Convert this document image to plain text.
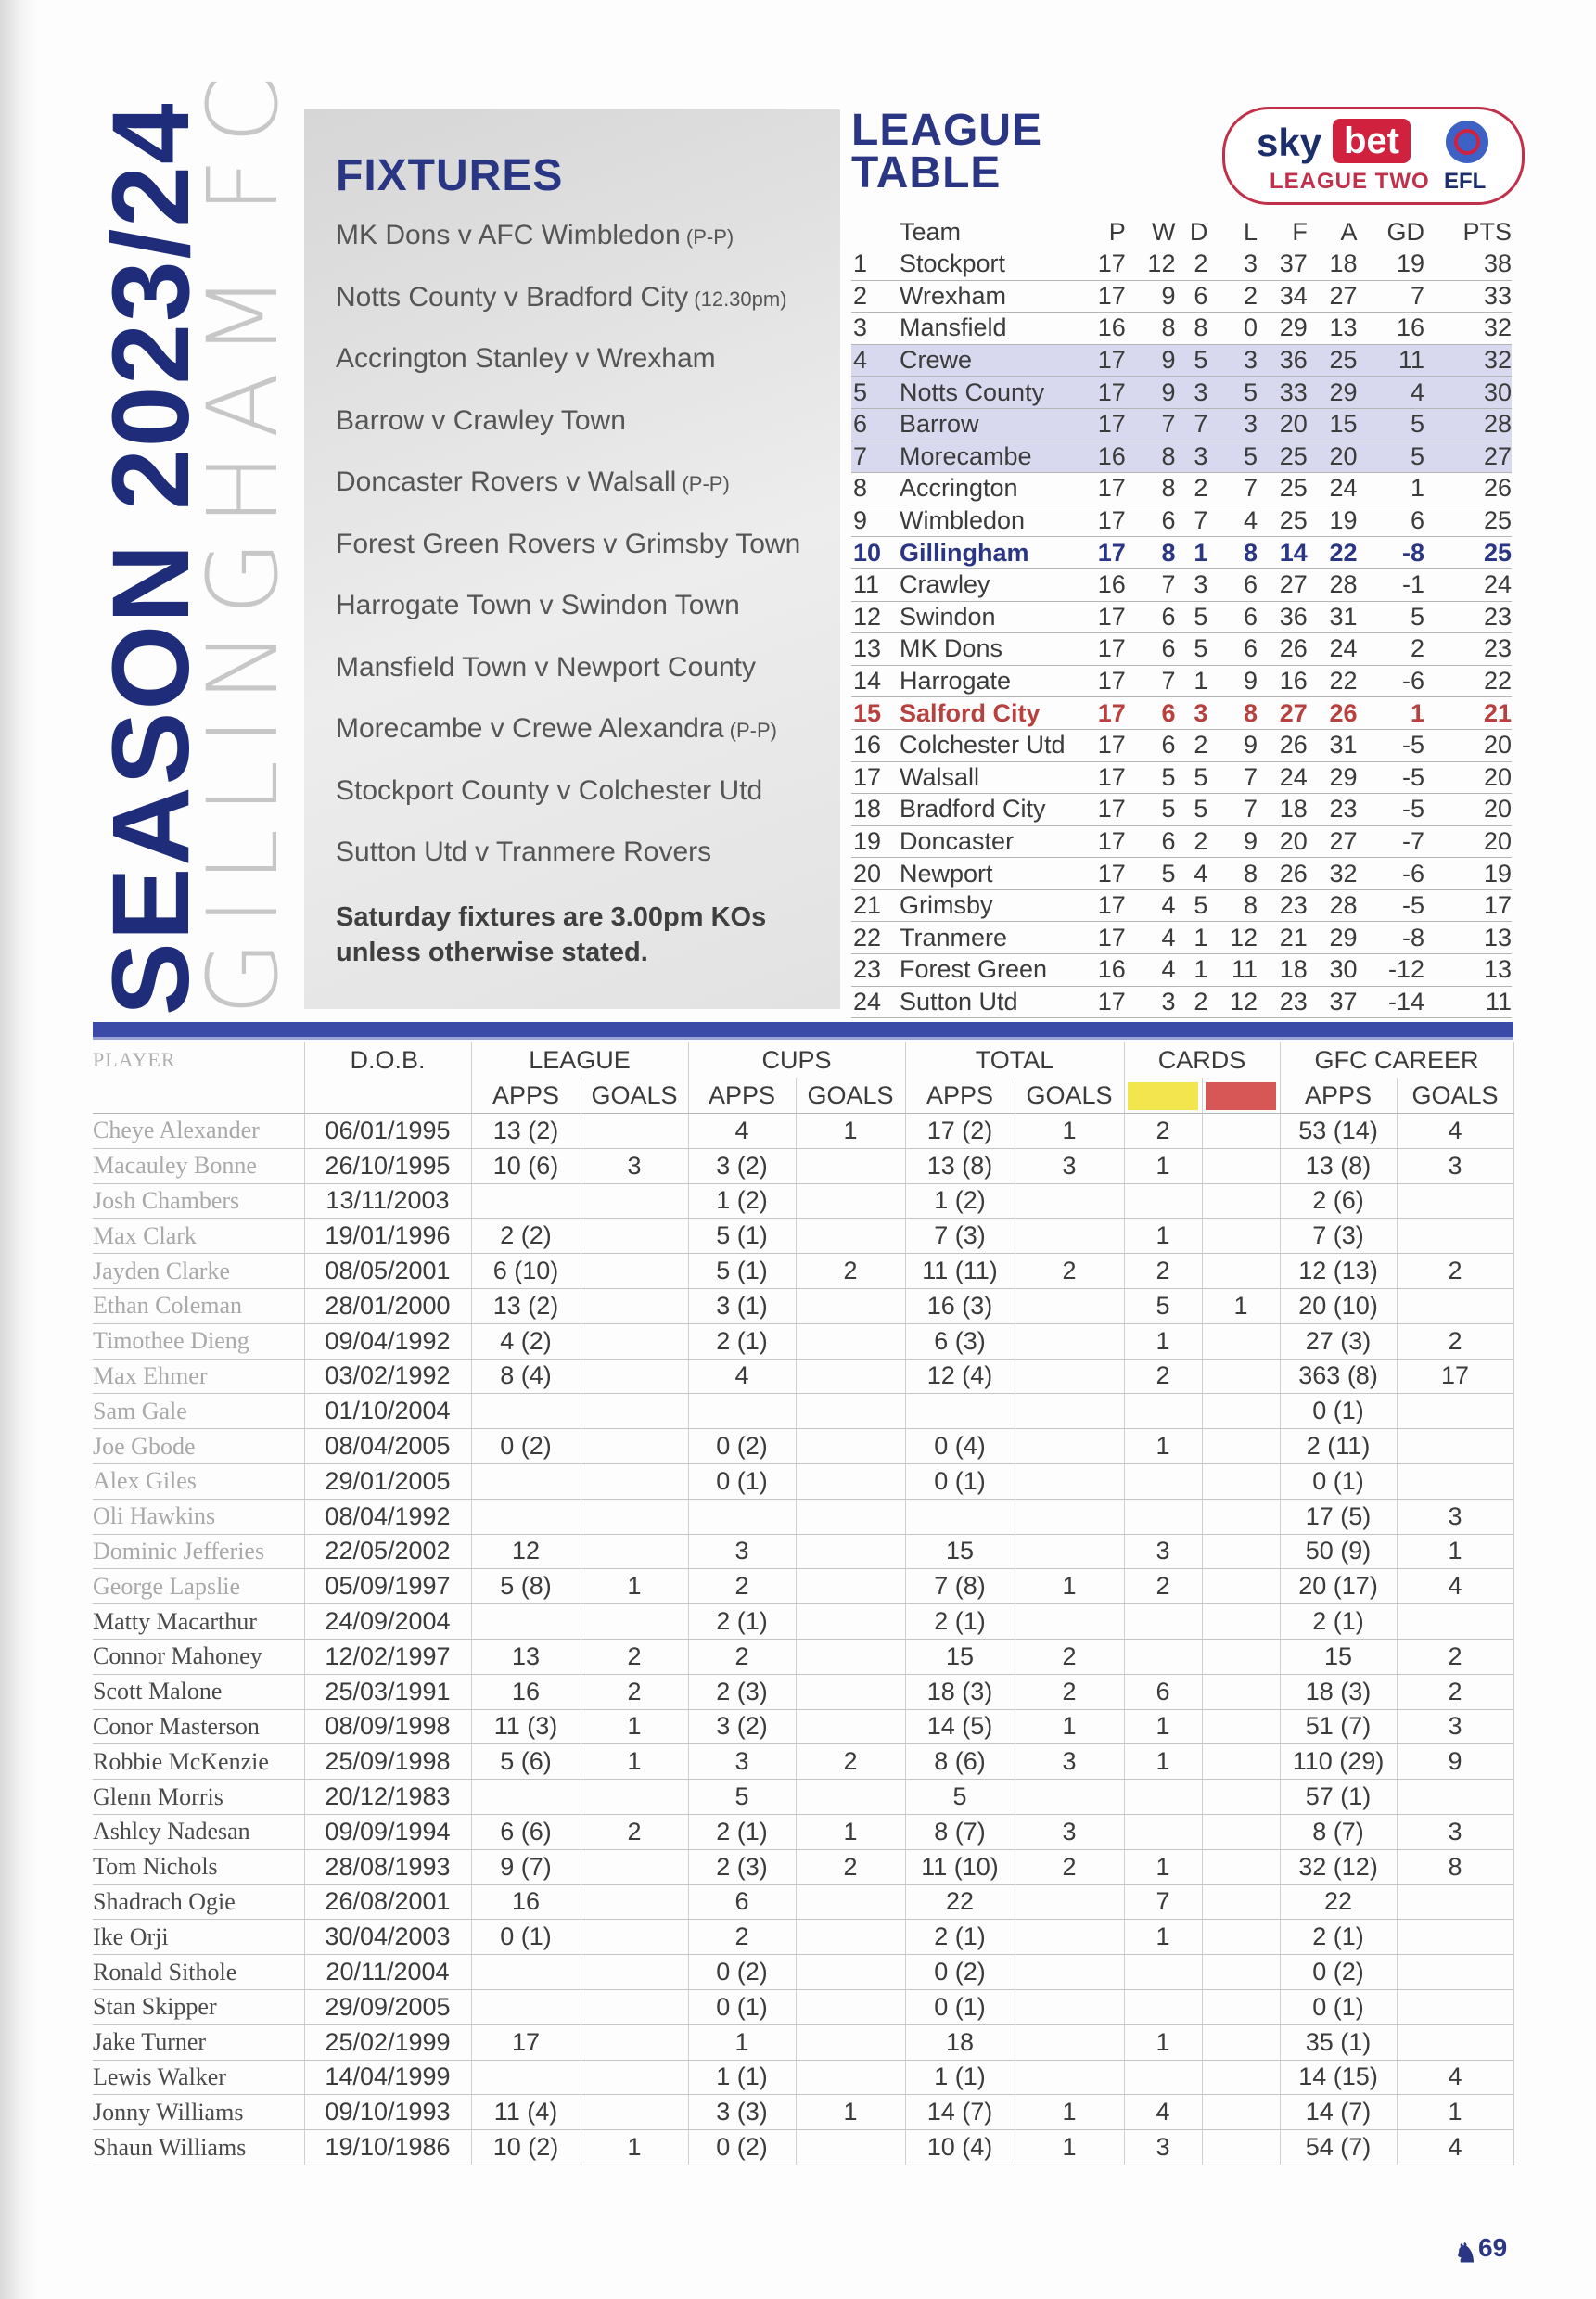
SEASON 2023/24
GILLINGHAM FC FIXTURES
MK Dons v AFC Wimbledon (P-P)
Notts County v Bradford City (12.30pm)
Accrington Stanley v Wrexham
Barrow v Crawley Town
Doncaster Rovers v Walsall (P-P)
Forest Green Rovers v Grimsby Town
Harrogate Town v Swindon Town
Mansfield Town v Newport County
Morecambe v Crewe Alexandra (P-P)
Stockport County v Colchester Utd
Sutton Utd v Tranmere Rovers
Saturday fixtures are 3.00pm KOs unless otherwise stated.
LEAGUE
TABLE
sky bet
LEAGUE TWO EFL
	Team	P	W	D	L	F	A	GD	PTS
1	Stockport	17	12	2	3	37	18	19	38
2	Wrexham	17	9	6	2	34	27	7	33
3	Mansfield	16	8	8	0	29	13	16	32
4	Crewe	17	9	5	3	36	25	11	32
5	Notts County	17	9	3	5	33	29	4	30
6	Barrow	17	7	7	3	20	15	5	28
7	Morecambe	16	8	3	5	25	20	5	27
8	Accrington	17	8	2	7	25	24	1	26
9	Wimbledon	17	6	7	4	25	19	6	25
10	Gillingham	17	8	1	8	14	22	-8	25
11	Crawley	16	7	3	6	27	28	-1	24
12	Swindon	17	6	5	6	36	31	5	23
13	MK Dons	17	6	5	6	26	24	2	23
14	Harrogate	17	7	1	9	16	22	-6	22
15	Salford City	17	6	3	8	27	26	1	21
16	Colchester Utd	17	6	2	9	26	31	-5	20
17	Walsall	17	5	5	7	24	29	-5	20
18	Bradford City	17	5	5	7	18	23	-5	20
19	Doncaster	17	6	2	9	20	27	-7	20
20	Newport	17	5	4	8	26	32	-6	19
21	Grimsby	17	4	5	8	23	28	-5	17
22	Tranmere	17	4	1	12	21	29	-8	13
23	Forest Green	16	4	1	11	18	30	-12	13
24	Sutton Utd	17	3	2	12	23	37	-14	11
PLAYER	D.O.B.	LEAGUE		CUPS		TOTAL		CARDS		GFC CAREER	
		APPS	GOALS	APPS	GOALS	APPS	GOALS			APPS	GOALS
Cheye Alexander	06/01/1995	13 (2)		4	1	17 (2)	1	2		53 (14)	4
Macauley Bonne	26/10/1995	10 (6)	3	3 (2)		13 (8)	3	1		13 (8)	3
Josh Chambers	13/11/2003			1 (2)		1 (2)				2 (6)	
Max Clark	19/01/1996	2 (2)		5 (1)		7 (3)		1		7 (3)	
Jayden Clarke	08/05/2001	6 (10)		5 (1)	2	11 (11)	2	2		12 (13)	2
Ethan Coleman	28/01/2000	13 (2)		3 (1)		16 (3)		5	1	20 (10)	
Timothee Dieng	09/04/1992	4 (2)		2 (1)		6 (3)		1		27 (3)	2
Max Ehmer	03/02/1992	8 (4)		4		12 (4)		2		363 (8)	17
Sam Gale	01/10/2004									0 (1)	
Joe Gbode	08/04/2005	0 (2)		0 (2)		0 (4)		1		2 (11)	
Alex Giles	29/01/2005			0 (1)		0 (1)				0 (1)	
Oli Hawkins	08/04/1992									17 (5)	3
Dominic Jefferies	22/05/2002	12		3		15		3		50 (9)	1
George Lapslie	05/09/1997	5 (8)	1	2		7 (8)	1	2		20 (17)	4
Matty Macarthur	24/09/2004			2 (1)		2 (1)				2 (1)	
Connor Mahoney	12/02/1997	13	2	2		15	2			15	2
Scott Malone	25/03/1991	16	2	2 (3)		18 (3)	2	6		18 (3)	2
Conor Masterson	08/09/1998	11 (3)	1	3 (2)		14 (5)	1	1		51 (7)	3
Robbie McKenzie	25/09/1998	5 (6)	1	3	2	8 (6)	3	1		110 (29)	9
Glenn Morris	20/12/1983			5		5				57 (1)	
Ashley Nadesan	09/09/1994	6 (6)	2	2 (1)	1	8 (7)	3			8 (7)	3
Tom Nichols	28/08/1993	9 (7)		2 (3)	2	11 (10)	2	1		32 (12)	8
Shadrach Ogie	26/08/2001	16		6		22		7		22	
Ike Orji	30/04/2003	0 (1)		2		2 (1)		1		2 (1)	
Ronald Sithole	20/11/2004			0 (2)		0 (2)				0 (2)	
Stan Skipper	29/09/2005			0 (1)		0 (1)				0 (1)	
Jake Turner	25/02/1999	17		1		18		1		35 (1)	
Lewis Walker	14/04/1999			1 (1)		1 (1)				14 (15)	4
Jonny Williams	09/10/1993	11 (4)		3 (3)	1	14 (7)	1	4		14 (7)	1
Shaun Williams	19/10/1986	10 (2)	1	0 (2)		10 (4)	1	3		54 (7)	4
♞69
